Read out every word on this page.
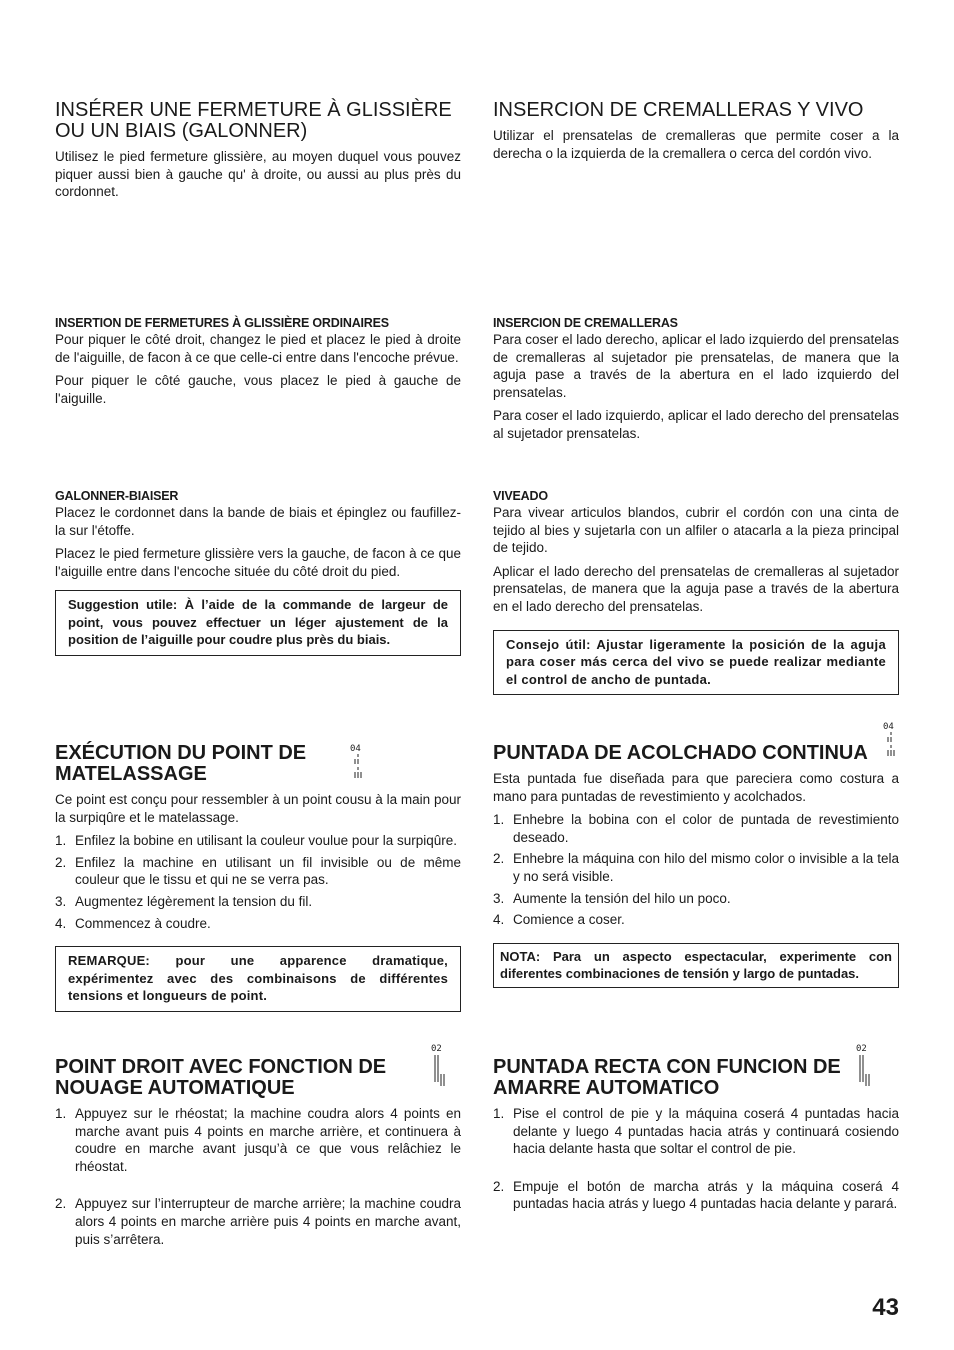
INSÉRER UNE FERMETURE À GLISSIÈRE OU UN BIAIS (GALONNER)

Utilisez le pied fermeture glissière, au moyen duquel vous pouvez piquer aussi bien à gauche qu' à droite, ou aussi au plus près du cordonnet.

INSERTION DE FERMETURES À GLISSIÈRE ORDINAIRES

Pour piquer le côté droit, changez le pied et placez le pied à droite de l'aiguille, de facon à ce que celle-ci entre dans l'encoche prévue.

Pour piquer le côté gauche, vous placez le pied à gauche de l'aiguille.

GALONNER-BIAISER

Placez le cordonnet dans la bande de biais et épinglez ou faufillez-la sur l'étoffe.

Placez le pied fermeture glissière vers la gauche, de facon à ce que l'aiguille entre dans l'encoche située du côté droit du pied.

Suggestion utile: À l’aide de la commande de largeur de point, vous pouvez effectuer un léger ajustement de la position de l’aiguille pour coudre plus près du biais.
EXÉCUTION DU POINT DE MATELASSAGE

Ce point est conçu pour ressembler à un point cousu à la main pour la surpiqûre et le matelassage.

1. Enfilez la bobine en utilisant la couleur voulue pour la surpiqûre.
2. Enfilez la machine en utilisant un fil invisible ou de même couleur que le tissu et qui ne se verra pas.
3. Augmentez légèrement la tension du fil.
4. Commencez à coudre.
REMARQUE: pour une apparence dramatique, expérimentez avec des combinaisons de différentes tensions et longueurs de point.
04
POINT DROIT AVEC FONCTION DE NOUAGE AUTOMATIQUE
1. Appuyez sur le rhéostat; la machine coudra alors 4 points en marche avant puis 4 points en marche arrière, et continuera à coudre en marche avant jusqu’à ce que vous relâchiez le rhéostat.
2. Appuyez sur l’interrupteur de marche arrière; la machine coudra alors 4 points en marche arrière puis 4 points en marche avant, puis s’arrêtera.
02
INSERCION DE CREMALLERAS Y VIVO

Utilizar el prensatelas de cremalleras que permite coser a la derecha o la izquierda de la cremallera o cerca del cordón vivo.

INSERCION DE CREMALLERAS

Para coser el lado derecho, aplicar el lado izquierdo del prensatelas de cremalleras al sujetador pie prensatelas, de manera que la aguja pase a través de la abertura en el lado izquierdo del prensatelas.

Para coser el lado izquierdo, aplicar el lado derecho del prensatelas al sujetador prensatelas.

VIVEADO

Para vivear articulos blandos, cubrir el cordón con una cinta de tejido al bies y sujetarla con un alfiler o atacarla a la pieza principal de tejido.

Aplicar el lado derecho del prensatelas de cremalleras al sujetador prensatelas, de manera que la aguja pase a través de la abertura en el lado derecho del prensatelas.

Consejo útil: Ajustar ligeramente la posición de la aguja para coser más cerca del vivo se puede realizar mediante el control de ancho de puntada.
PUNTADA DE ACOLCHADO CONTINUA

Esta puntada fue diseñada para que pareciera como costura a mano para puntadas de revestimiento y acolchados.

1. Enhebre la bobina con el color de puntada de revestimiento deseado.
2. Enhebre la máquina con hilo del mismo color o invisible a la tela y no será visible.
3. Aumente la tensión del hilo un poco.
4. Comience a coser.
NOTA: Para un aspecto espectacular, experimente con diferentes combinaciones de tensión y largo de puntadas.
04
PUNTADA RECTA CON FUNCION DE AMARRE AUTOMATICO
1. Pise el control de pie y la máquina coserá 4 puntadas hacia delante y luego 4 puntadas hacia atrás y continuará cosiendo hacia delante hasta que soltar el control de pie.
2. Empuje el botón de marcha atrás y la máquina coserá 4 puntadas hacia atrás y luego 4 puntadas hacia delante y parará.
02
43
